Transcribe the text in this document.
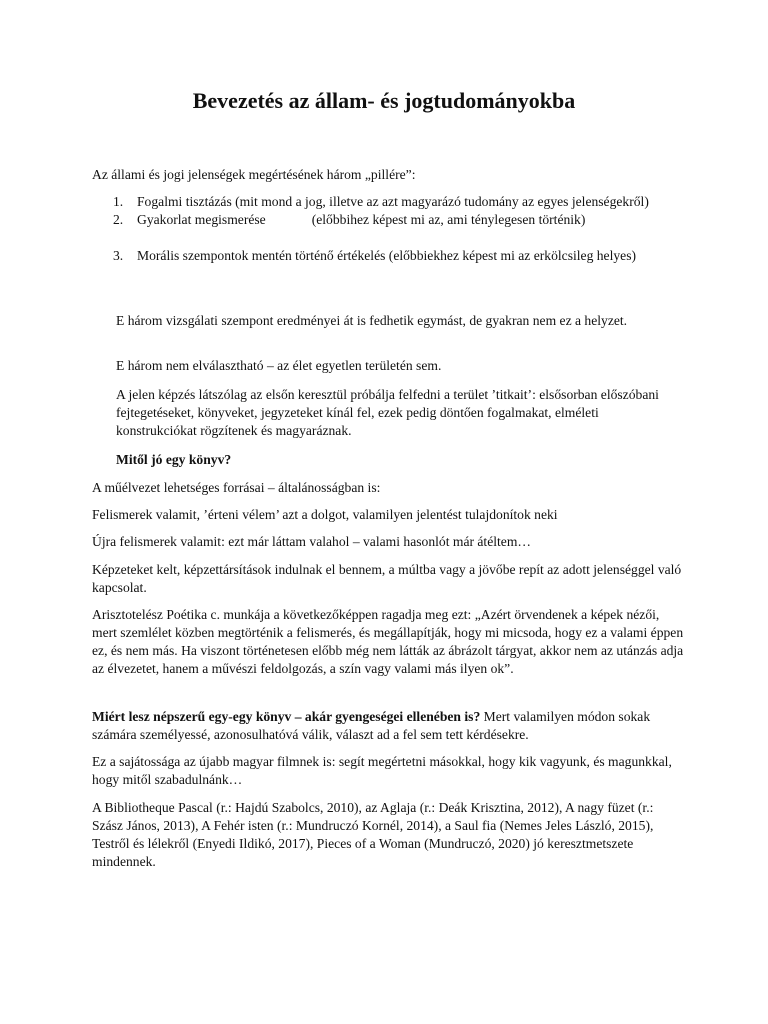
Bevezetés az állam- és jogtudományokba
Az állami és jogi jelenségek megértésének három „pillére”:
1. Fogalmi tisztázás (mit mond a jog, illetve az azt magyarázó tudomány az egyes jelenségekről)
2. Gyakorlat megismerése	(előbbihez képest mi az, ami ténylegesen történik)
3. Morális szempontok mentén történő értékelés (előbbiekhez képest mi az erkölcsileg helyes)
E három vizsgálati szempont eredményei át is fedhetik egymást, de gyakran nem ez a helyzet.
E három nem elválasztható – az élet egyetlen területén sem.
A jelen képzés látszólag az elsőn keresztül próbálja felfedni a terület ’titkait’: elsősorban előszóbani fejtegetéseket, könyveket, jegyzeteket kínál fel, ezek pedig döntően fogalmakat, elméleti konstrukciókat rögzítenek és magyaráznak.
Mitől jó egy könyv?
A műélvezet lehetséges forrásai – általánosságban is:
Felismerek valamit, ’érteni vélem’ azt a dolgot, valamilyen jelentést tulajdonítok neki
Újra felismerek valamit: ezt már láttam valahol – valami hasonlót már átéltem…
Képzeteket kelt, képzettársítások indulnak el bennem, a múltba vagy a jövőbe repít az adott jelenséggel való kapcsolat.
Arisztotelész Poétika c. munkája a következőképpen ragadja meg ezt: „Azért örvendenek a képek nézői, mert szemlélet közben megtörténik a felismerés, és megállapítják, hogy mi micsoda, hogy ez a valami éppen ez, és nem más. Ha viszont történetesen előbb még nem látták az ábrázolt tárgyat, akkor nem az utánzás adja az élvezetet, hanem a művészi feldolgozás, a szín vagy valami más ilyen ok”.
Miért lesz népszerű egy-egy könyv – akár gyengeségei ellenében is? Mert valamilyen módon sokak számára személyessé, azonosulhatóvá válik, választ ad a fel sem tett kérdésekre.
Ez a sajátossága az újabb magyar filmnek is: segít megértetni másokkal, hogy kik vagyunk, és magunkkal, hogy mitől szabadulnánk…
A Bibliotheque Pascal (r.: Hajdú Szabolcs, 2010), az Aglaja (r.: Deák Krisztina, 2012), A nagy füzet (r.: Szász János, 2013), A Fehér isten (r.: Mundruczó Kornél, 2014), a Saul fia (Nemes Jeles László, 2015), Testről és lélekről (Enyedi Ildikó, 2017), Pieces of a Woman (Mundruczó, 2020) jó keresztmetszete mindennek.
